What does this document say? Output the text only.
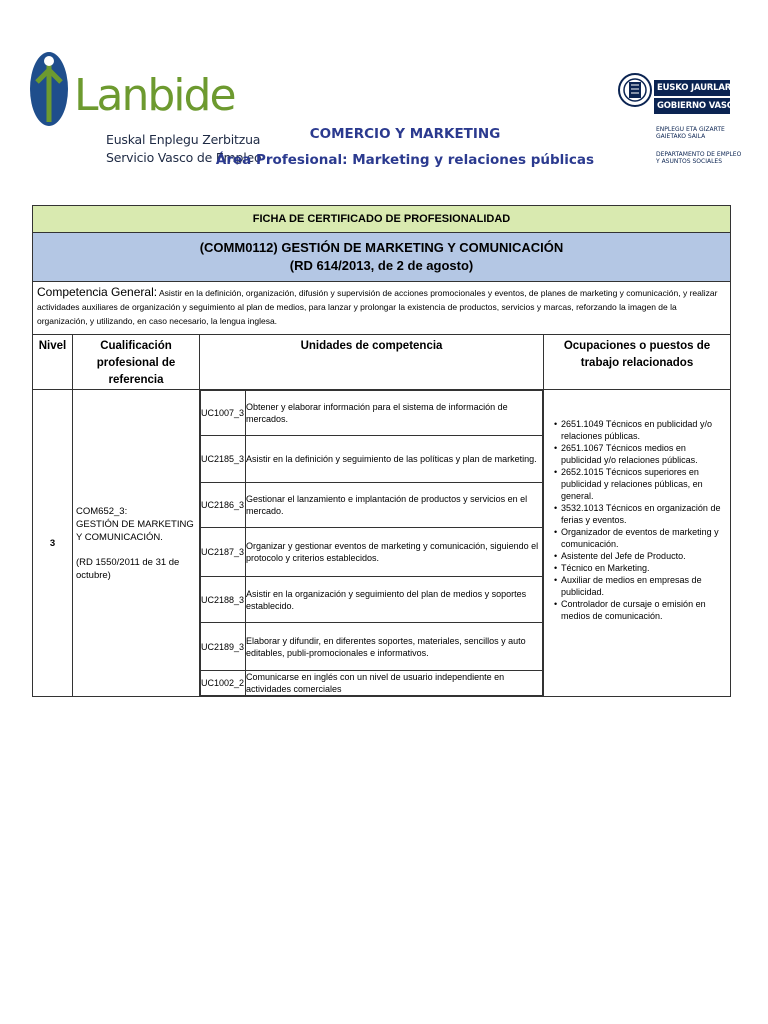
Lanbide
Euskal Enplegu Zerbitzua
Servicio Vasco de Empleo
COMERCIO Y MARKETING
Área Profesional: Marketing y relaciones públicas
EUSKO JAURLARITZA
GOBIERNO VASCO
ENPLEGU ETA GIZARTE
GAIETAKO SAILA
DEPARTAMENTO DE EMPLEO
Y ASUNTOS SOCIALES
FICHA DE CERTIFICADO DE PROFESIONALIDAD

(COMM0112) GESTIÓN DE MARKETING Y COMUNICACIÓN
(RD 614/2013, de 2 de agosto)

Competencia General: Asistir en la definición, organización, difusión y supervisión de acciones promocionales y eventos, de planes de marketing y comunicación, y realizar actividades auxiliares de organización y seguimiento al plan de medios, para lanzar y prolongar la existencia de productos, servicios y marcas, reforzando la imagen de la organización, y utilizando, en caso necesario, la lengua inglesa.
Nivel	Cualificación profesional de referencia	Unidades de competencia	Ocupaciones o puestos de trabajo relacionados
3	
COM652_3:
GESTIÓN DE MARKETING Y COMUNICACIÓN.
(RD 1550/2011 de 31 de octubre)

UC1007_3	Obtener y elaborar información para el sistema de información de mercados.
UC2185_3	Asistir en la definición y seguimiento de las políticas y plan de marketing.
UC2186_3	Gestionar el lanzamiento e implantación de productos y servicios en el mercado.
UC2187_3	Organizar y gestionar eventos de marketing y comunicación, siguiendo el protocolo y criterios establecidos.
UC2188_3	Asistir en la organización y seguimiento del plan de medios y soportes establecido.
UC2189_3	Elaborar y difundir, en diferentes soportes, materiales, sencillos y auto editables, publi-promocionales e informativos.
UC1002_2	Comunicarse en inglés con un nivel de usuario independiente en actividades comerciales

• 2651.1049 Técnicos en publicidad y/o relaciones públicas.
• 2651.1067 Técnicos medios en publicidad y/o relaciones públicas.
• 2652.1015 Técnicos superiores en publicidad y relaciones públicas, en general.
• 3532.1013 Técnicos en organización de ferias y eventos.
• Organizador de eventos de marketing y comunicación.
• Asistente del Jefe de Producto.
• Técnico en Marketing.
• Auxiliar de medios en empresas de publicidad.
• Controlador de cursaje o emisión en medios de comunicación.
